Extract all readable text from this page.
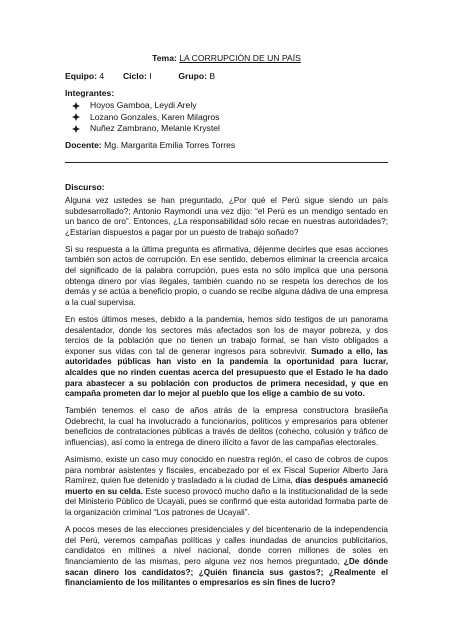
Tema: LA CORRUPCIÓN DE UN PAÍS
Equipo: 4 Ciclo: I	Grupo: B
Integrantes:
Hoyos Gamboa, Leydi Arely
Lozano Gonzales, Karen Milagros
Nuñez Zambrano, Melanie Krystel
Docente: Mg. Margarita Emilia Torres Torres
Discurso:

Alguna vez ustedes se han preguntado, ¿Por qué el Perú sigue siendo un país subdesarrollado?; Antonio Raymondi una vez dijo: “el Perú es un mendigo sentado en un banco de oro”. Entonces, ¿La responsabilidad sólo recae en nuestras autoridades?; ¿Estarían dispuestos a pagar por un puesto de trabajo soñado?

Si su respuesta a la última pregunta es afirmativa, déjenme decirles que esas acciones también son actos de corrupción. En ese sentido, debemos eliminar la creencia arcaica del significado de la palabra corrupción, pues esta no sólo implica que una persona obtenga dinero por vías ilegales, también cuando no se respeta los derechos de los demás y se actúa a beneficio propio, o cuando se recibe alguna dádiva de una empresa a la cual supervisa.

En estos últimos meses, debido a la pandemia, hemos sido testigos de un panorama desalentador, donde los sectores más afectados son los de mayor pobreza, y dos tercios de la población que no tienen un trabajo formal, se han visto obligados a exponer sus vidas con tal de generar ingresos para sobrevivir. Sumado a ello, las autoridades públicas han visto en la pandemia la oportunidad para lucrar, alcaldes que no rinden cuentas acerca del presupuesto que el Estado le ha dado para abastecer a su población con productos de primera necesidad, y que en campaña prometen dar lo mejor al pueblo que los elige a cambio de su voto.

También tenemos el caso de años atrás de la empresa constructora brasileña Odebrecht, la cual ha involucrado a funcionarios, políticos y empresarios para obtener beneficios de contrataciones públicas a través de delitos (cohecho, colusión y tráfico de influencias), así como la entrega de dinero ilícito a favor de las campañas electorales.

Asimismo, existe un caso muy conocido en nuestra región, el caso de cobros de cupos para nombrar asistentes y fiscales, encabezado por el ex Fiscal Superior Alberto Jara Ramírez, quien fue detenido y trasladado a la ciudad de Lima, días después amaneció muerto en su celda. Este suceso provocó mucho daño a la institucionalidad de la sede del Ministerio Público de Ucayali, pues se confirmó que esta autoridad formaba parte de la organización criminal “Los patrones de Ucayali”.

A pocos meses de las elecciones presidenciales y del bicentenario de la independencia del Perú, veremos campañas políticas y calles inundadas de anuncios publicitarios, candidatos en mítines a nivel nacional, donde corren millones de soles en financiamiento de las mismas, pero alguna vez nos hemos preguntado, ¿De dónde sacan dinero los candidatos?; ¿Quién financia sus gastos?; ¿Realmente el financiamiento de los militantes o empresarios es sin fines de lucro?
